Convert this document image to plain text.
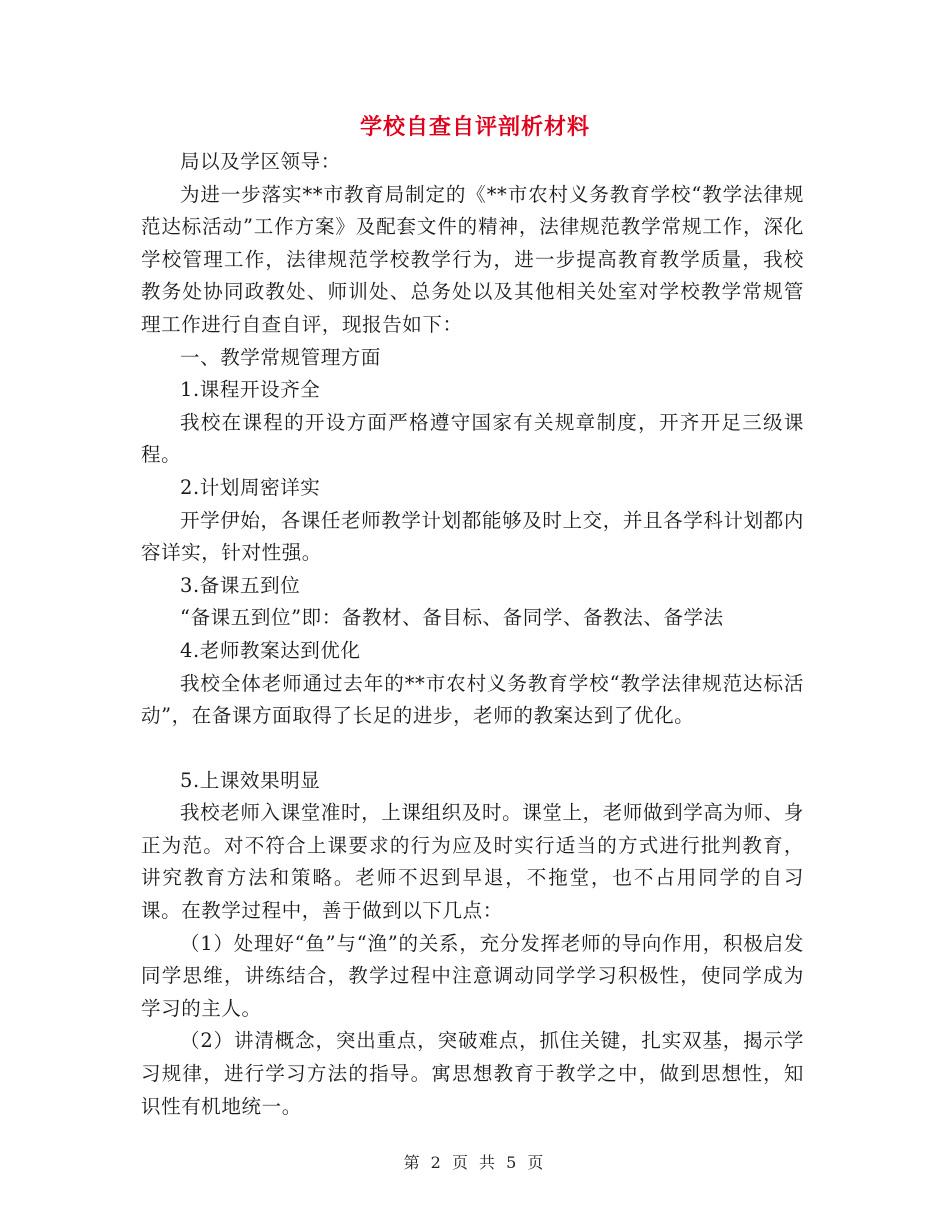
学校自查自评剖析材料

局以及学区领导：

为进一步落实**市教育局制定的《**市农村义务教育学校“教学法律规范达标活动”工作方案》及配套文件的精神，法律规范教学常规工作，深化学校管理工作，法律规范学校教学行为，进一步提高教育教学质量，我校教务处协同政教处、师训处、总务处以及其他相关处室对学校教学常规管理工作进行自查自评，现报告如下：

一、教学常规管理方面

1.课程开设齐全

我校在课程的开设方面严格遵守国家有关规章制度，开齐开足三级课程。

2.计划周密详实

开学伊始，各课任老师教学计划都能够及时上交，并且各学科计划都内容详实，针对性强。

3.备课五到位

“备课五到位”即：备教材、备目标、备同学、备教法、备学法

4.老师教案达到优化

我校全体老师通过去年的**市农村义务教育学校“教学法律规范达标活动”，在备课方面取得了长足的进步，老师的教案达到了优化。

5.上课效果明显

我校老师入课堂准时，上课组织及时。课堂上，老师做到学高为师、身正为范。对不符合上课要求的行为应及时实行适当的方式进行批判教育，讲究教育方法和策略。老师不迟到早退，不拖堂，也不占用同学的自习课。在教学过程中，善于做到以下几点：

（1）处理好“鱼”与“渔”的关系，充分发挥老师的导向作用，积极启发同学思维，讲练结合，教学过程中注意调动同学学习积极性，使同学成为学习的主人。

（2）讲清概念，突出重点，突破难点，抓住关键，扎实双基，揭示学习规律，进行学习方法的指导。寓思想教育于教学之中，做到思想性，知识性有机地统一。

第 2 页 共 5 页
